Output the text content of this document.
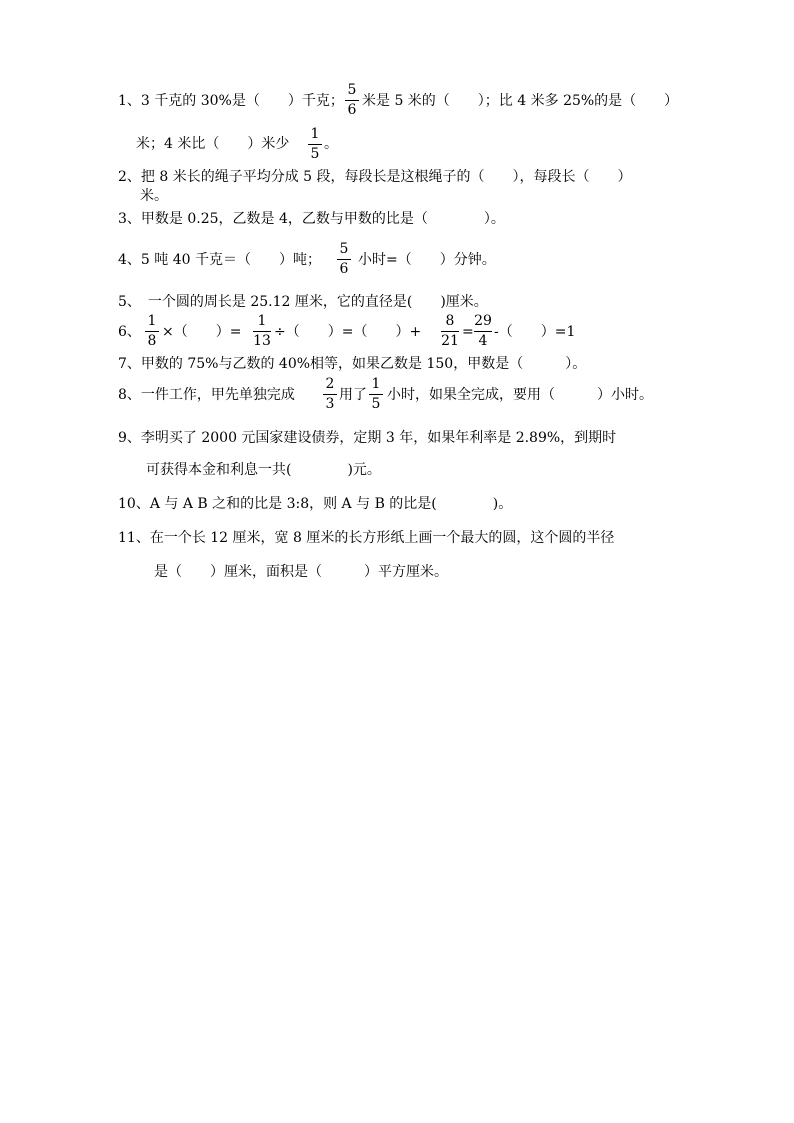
1、3 千克的 30%是（　　）千克；
5
6
米是 5 米的（　　）；比 4 米多 25%的是（　　）
米；4 米比（　　）米少
1
5
。
2、把 8 米长的绳子平均分成 5 段，每段长是这根绳子的（　　），每段长（　　）
米。
3、甲数是 0.25，乙数是 4，乙数与甲数的比是（　　　　）。
4、5 吨 40 千克＝（　　）吨；
5
6
小时=（　　）分钟。
5、　一个圆的周长是 25.12 厘米，它的直径是(　　)厘米。
6、
1
8
×（　　）=
1
13
÷（　　）=（　　）+
8
21
=
29
4
-（　　）=1
7、甲数的 75%与乙数的 40%相等，如果乙数是 150，甲数是（　　　）。
8、一件工作，甲先单独完成
2
3
用了
1
5
小时，如果全完成，要用（　　　）小时。
9、李明买了 2000 元国家建设债券，定期 3 年，如果年利率是 2.89%，到期时
可获得本金和利息一共(　　　　)元。
10、A 与 A B 之和的比是 3:8，则 A 与 B 的比是(　　　　)。
11、在一个长 12 厘米，宽 8 厘米的长方形纸上画一个最大的圆，这个圆的半径
是（　　）厘米，面积是（　　　）平方厘米。
